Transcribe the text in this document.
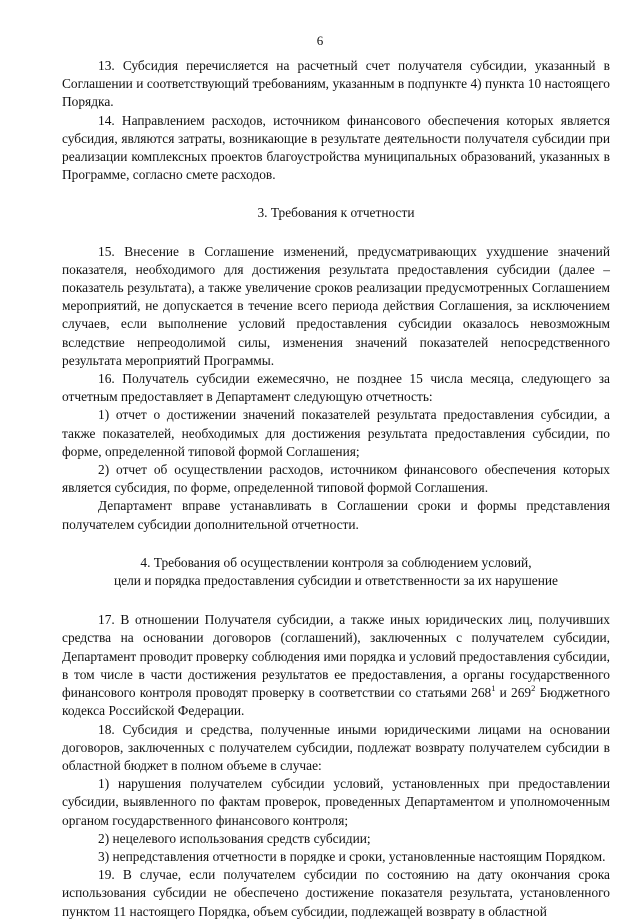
6

13. Субсидия перечисляется на расчетный счет получателя субсидии, указанный в Соглашении и соответствующий требованиям, указанным в подпункте 4) пункта 10 настоящего Порядка.

14. Направлением расходов, источником финансового обеспечения которых является субсидия, являются затраты, возникающие в результате деятельности получателя субсидии при реализации комплексных проектов благоустройства муниципальных образований, указанных в Программе, согласно смете расходов.

3. Требования к отчетности

15. Внесение в Соглашение изменений, предусматривающих ухудшение значений показателя, необходимого для достижения результата предоставления субсидии (далее – показатель результата), а также увеличение сроков реализации предусмотренных Соглашением мероприятий, не допускается в течение всего периода действия Соглашения, за исключением случаев, если выполнение условий предоставления субсидии оказалось невозможным вследствие непреодолимой силы, изменения значений показателей непосредственного результата мероприятий Программы.

16. Получатель субсидии ежемесячно, не позднее 15 числа месяца, следующего за отчетным предоставляет в Департамент следующую отчетность:

1) отчет о достижении значений показателей результата предоставления субсидии, а также показателей, необходимых для достижения результата предоставления субсидии, по форме, определенной типовой формой Соглашения;

2) отчет об осуществлении расходов, источником финансового обеспечения которых является субсидия, по форме, определенной типовой формой Соглашения.

Департамент вправе устанавливать в Соглашении сроки и формы представления получателем субсидии дополнительной отчетности.

4. Требования об осуществлении контроля за соблюдением условий,
цели и порядка предоставления субсидии и ответственности за их нарушение

17. В отношении Получателя субсидии, а также иных юридических лиц, получивших средства на основании договоров (соглашений), заключенных с получателем субсидии, Департамент проводит проверку соблюдения ими порядка и условий предоставления субсидии, в том числе в части достижения результатов ее предоставления, а органы государственного финансового контроля проводят проверку в соответствии со статьями $268^1$ и $269^2$ Бюджетного кодекса Российской Федерации.

18. Субсидия и средства, полученные иными юридическими лицами на основании договоров, заключенных с получателем субсидии, подлежат возврату получателем субсидии в областной бюджет в полном объеме в случае:

1) нарушения получателем субсидии условий, установленных при предоставлении субсидии, выявленного по фактам проверок, проведенных Департаментом и уполномоченным органом государственного финансового контроля;

2) нецелевого использования средств субсидии;

3) непредставления отчетности в порядке и сроки, установленные настоящим Порядком.

19. В случае, если получателем субсидии по состоянию на дату окончания срока использования субсидии не обеспечено достижение показателя результата, установленного пунктом 11 настоящего Порядка, объем субсидии, подлежащей возврату в областной
